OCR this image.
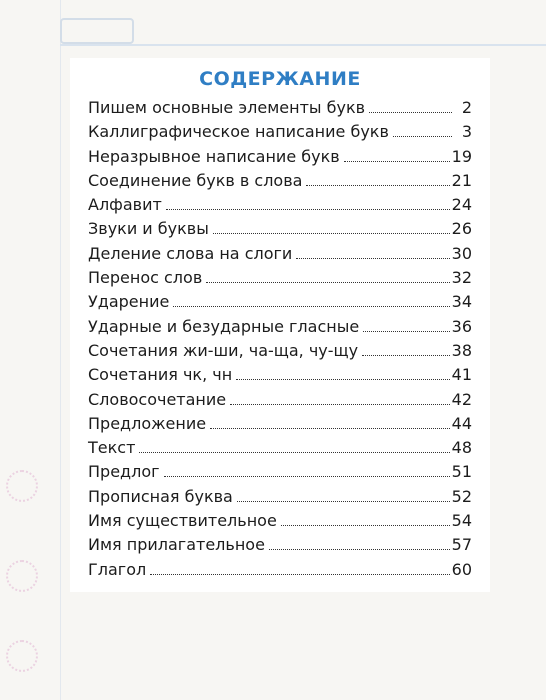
СОДЕРЖАНИЕ
Пишем основные элементы букв	2
Каллиграфическое написание букв	3
Неразрывное написание букв	19
Соединение букв в слова	21
Алфавит	24
Звуки и буквы	26
Деление слова на слоги	30
Перенос слов	32
Ударение	34
Ударные и безударные гласные	36
Сочетания жи-ши, ча-ща, чу-щу	38
Сочетания чк, чн	41
Словосочетание	42
Предложение	44
Текст	48
Предлог	51
Прописная буква	52
Имя существительное	54
Имя прилагательное	57
Глагол	60
